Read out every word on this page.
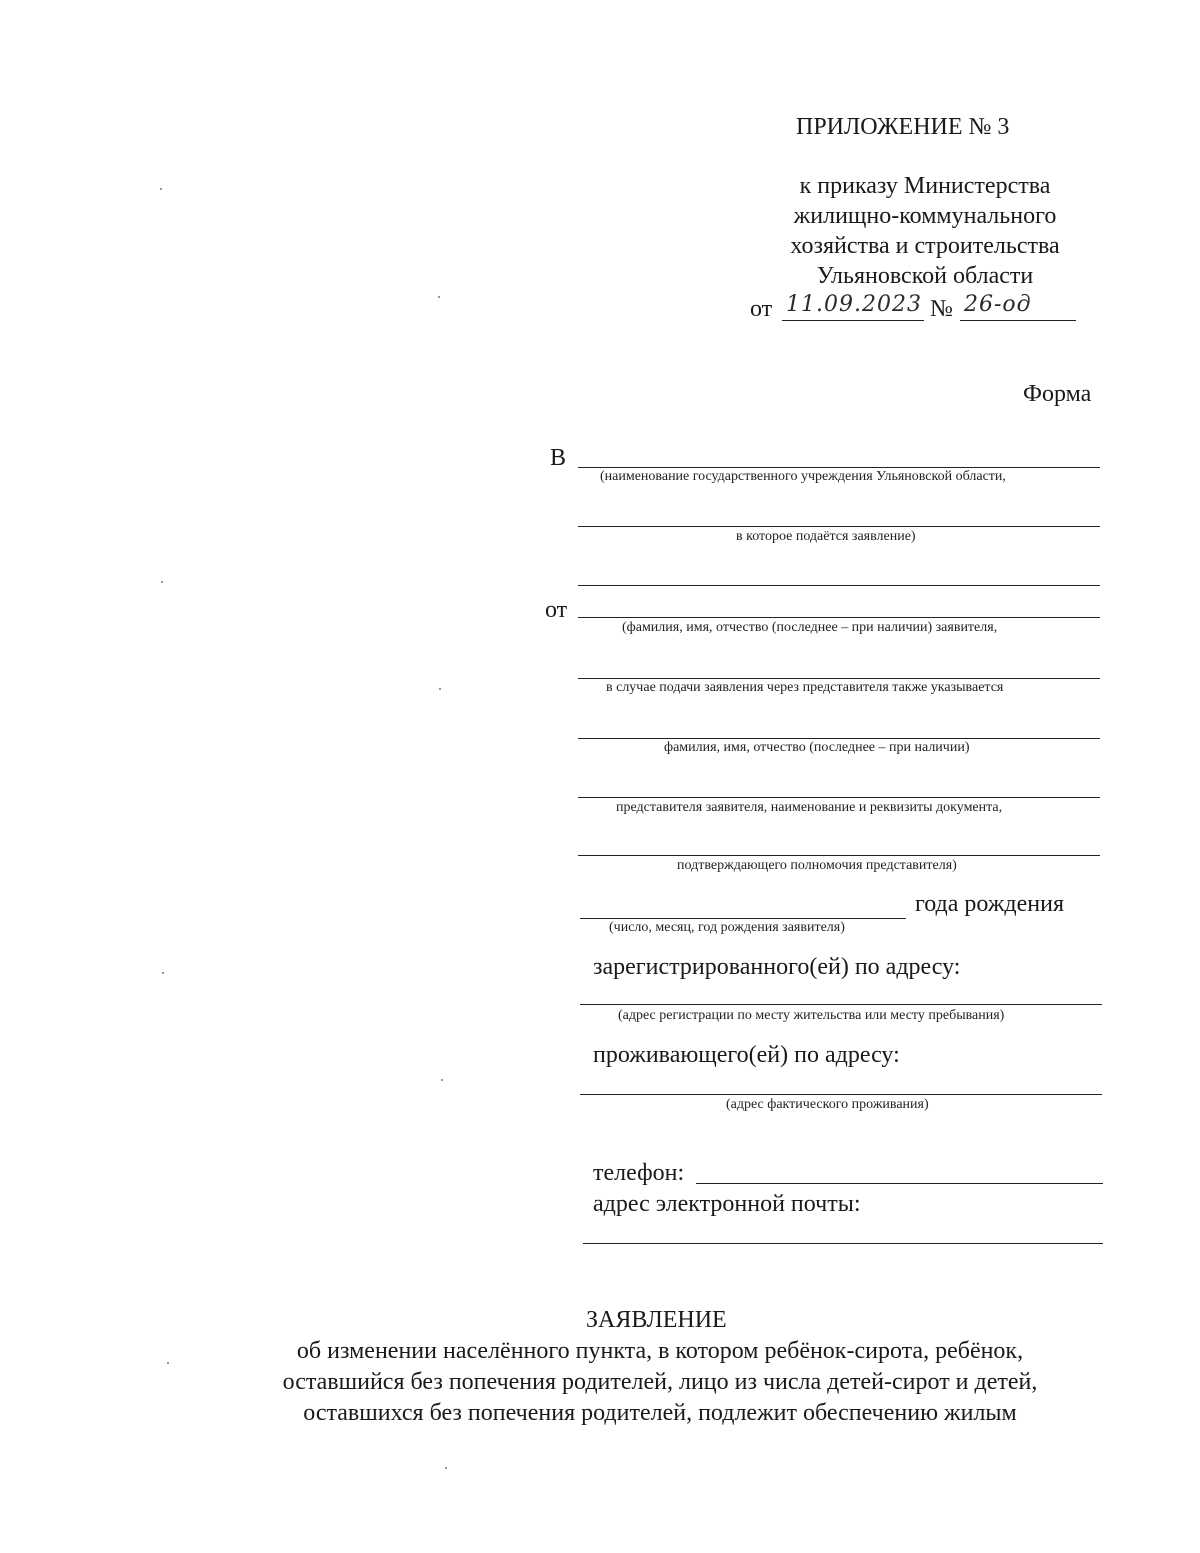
ПРИЛОЖЕНИЕ № 3
к приказу Министерства
жилищно-коммунального
хозяйства и строительства
Ульяновской области
от 11.09.2023 № 26-од
Форма
В
(наименование государственного учреждения Ульяновской области,
в которое подаётся заявление)
от
(фамилия, имя, отчество (последнее – при наличии) заявителя,
в случае подачи заявления через представителя также указывается
фамилия, имя, отчество (последнее – при наличии)
представителя заявителя, наименование и реквизиты документа,
подтверждающего полномочия представителя)
года рождения
(число, месяц, год рождения заявителя)
зарегистрированного(ей) по адресу:
(адрес регистрации по месту жительства или месту пребывания)
проживающего(ей) по адресу:
(адрес фактического проживания)
телефон:
адрес электронной почты:
ЗАЯВЛЕНИЕ
об изменении населённого пункта, в котором ребёнок-сирота, ребёнок,
оставшийся без попечения родителей, лицо из числа детей-сирот и детей,
оставшихся без попечения родителей, подлежит обеспечению жилым
